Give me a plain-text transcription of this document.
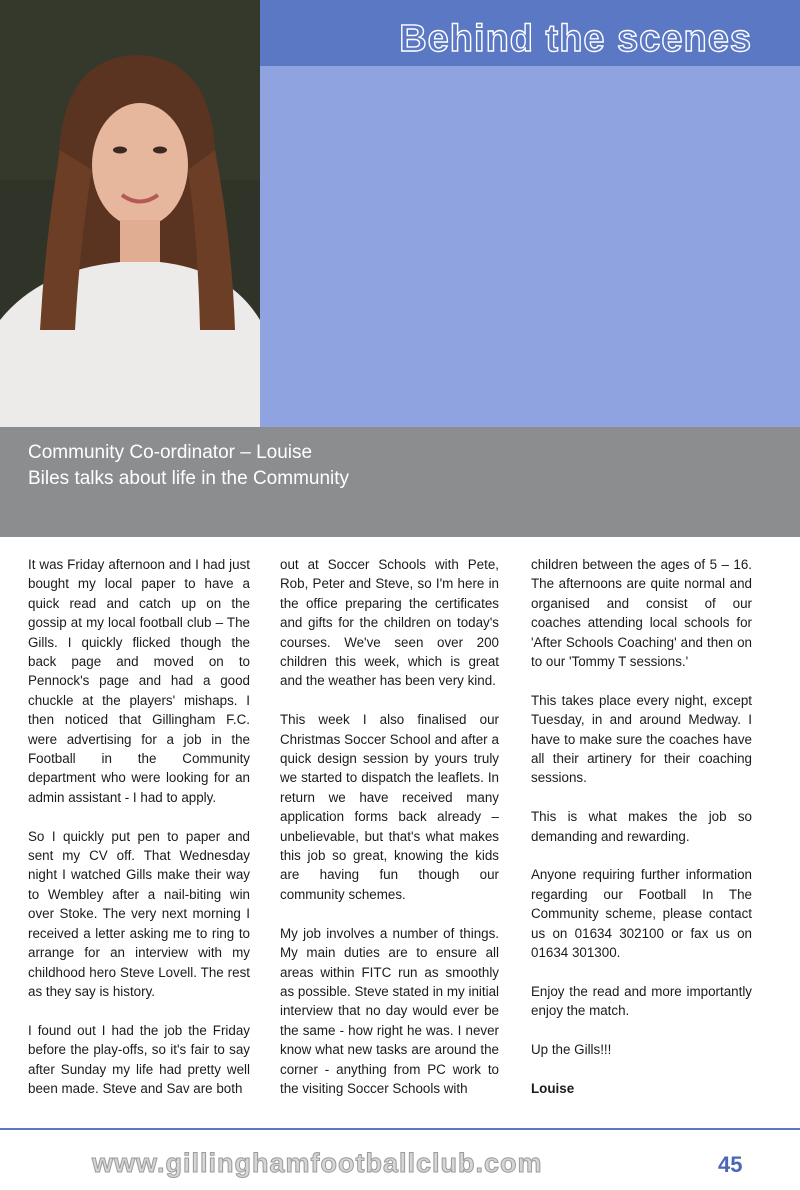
Behind the scenes
Community Co-ordinator – Louise Biles talks about life in the Community

It was Friday afternoon and I had just bought my local paper to have a quick read and catch up on the gossip at my local football club – The Gills. I quickly flicked though the back page and moved on to Pennock's page and had a good chuckle at the players' mishaps. I then noticed that Gillingham F.C. were advertising for a job in the Football in the Community department who were looking for an admin assistant - I had to apply.

So I quickly put pen to paper and sent my CV off. That Wednesday night I watched Gills make their way to Wembley after a nail-biting win over Stoke. The very next morning I received a letter asking me to ring to arrange for an interview with my childhood hero Steve Lovell. The rest as they say is history.

I found out I had the job the Friday before the play-offs, so it's fair to say after Sunday my life had pretty well been made. Steve and Sav are both

out at Soccer Schools with Pete, Rob, Peter and Steve, so I'm here in the office preparing the certificates and gifts for the children on today's courses. We've seen over 200 children this week, which is great and the weather has been very kind.

This week I also finalised our Christmas Soccer School and after a quick design session by yours truly we started to dispatch the leaflets. In return we have received many application forms back already – unbelievable, but that's what makes this job so great, knowing the kids are having fun though our community schemes.

My job involves a number of things. My main duties are to ensure all areas within FITC run as smoothly as possible. Steve stated in my initial interview that no day would ever be the same - how right he was. I never know what new tasks are around the corner - anything from PC work to the visiting Soccer Schools with

children between the ages of 5 – 16. The afternoons are quite normal and organised and consist of our coaches attending local schools for 'After Schools Coaching' and then on to our 'Tommy T sessions.'

This takes place every night, except Tuesday, in and around Medway. I have to make sure the coaches have all their artinery for their coaching sessions.

This is what makes the job so demanding and rewarding.

Anyone requiring further information regarding our Football In The Community scheme, please contact us on 01634 302100 or fax us on 01634 301300.

Enjoy the read and more importantly enjoy the match.

Up the Gills!!!

Louise

www.gillinghamfootballclub.com	45
